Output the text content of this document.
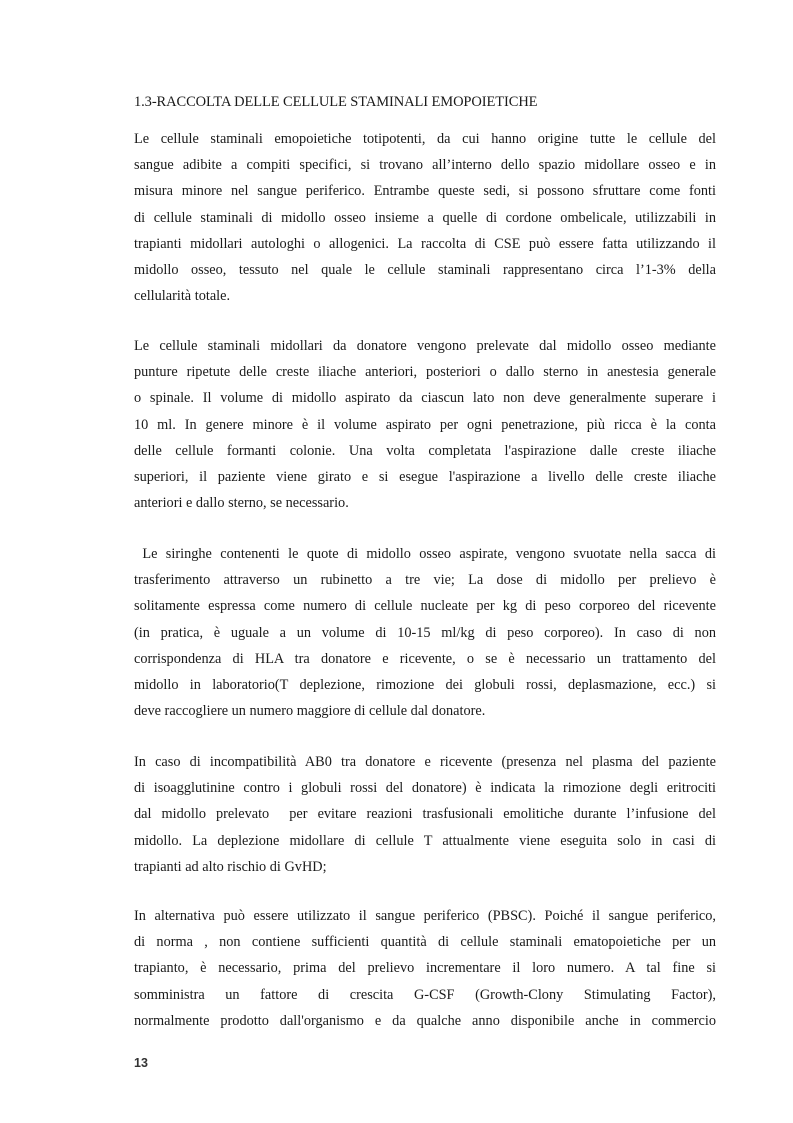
1.3-RACCOLTA DELLE CELLULE STAMINALI EMOPOIETICHE
Le cellule staminali emopoietiche totipotenti, da cui hanno origine tutte le cellule del
sangue adibite a compiti specifici, si trovano all’interno dello spazio midollare osseo e in
misura minore nel sangue periferico. Entrambe queste sedi, si possono sfruttare come fonti
di cellule staminali di midollo osseo insieme a quelle di cordone ombelicale, utilizzabili in
trapianti midollari autologhi o allogenici. La raccolta di CSE può essere fatta utilizzando il
midollo osseo, tessuto nel quale le cellule staminali rappresentano circa l’1-3% della
cellularità totale.
Le cellule staminali midollari da donatore vengono prelevate dal midollo osseo mediante
punture ripetute delle creste iliache anteriori, posteriori o dallo sterno in anestesia generale
o spinale. Il volume di midollo aspirato da ciascun lato non deve generalmente superare i
10 ml. In genere minore è il volume aspirato per ogni penetrazione, più ricca è la conta
delle cellule formanti colonie. Una volta completata l'aspirazione dalle creste iliache
superiori, il paziente viene girato e si esegue l'aspirazione a livello delle creste iliache
anteriori e dallo sterno, se necessario.
Le siringhe contenenti le quote di midollo osseo aspirate, vengono svuotate nella sacca di
trasferimento attraverso un rubinetto a tre vie; La dose di midollo per prelievo è
solitamente espressa come numero di cellule nucleate per kg di peso corporeo del ricevente
(in pratica, è uguale a un volume di 10-15 ml/kg di peso corporeo). In caso di non
corrispondenza di HLA tra donatore e ricevente, o se è necessario un trattamento del
midollo in laboratorio(T deplezione, rimozione dei globuli rossi, deplasmazione, ecc.) si
deve raccogliere un numero maggiore di cellule dal donatore.
In caso di incompatibilità AB0 tra donatore e ricevente (presenza nel plasma del paziente
di isoagglutinine contro i globuli rossi del donatore) è indicata la rimozione degli eritrociti
dal midollo prelevato  per evitare reazioni trasfusionali emolitiche durante l’infusione del
midollo. La deplezione midollare di cellule T attualmente viene eseguita solo in casi di
trapianti ad alto rischio di GvHD;
In alternativa può essere utilizzato il sangue periferico (PBSC). Poiché il sangue periferico,
di norma , non contiene sufficienti quantità di cellule staminali ematopoietiche per un
trapianto, è necessario, prima del prelievo incrementare il loro numero. A tal fine si
somministra un fattore di crescita G-CSF (Growth-Clony Stimulating Factor),
normalmente prodotto dall'organismo e da qualche anno disponibile anche in commercio
13
